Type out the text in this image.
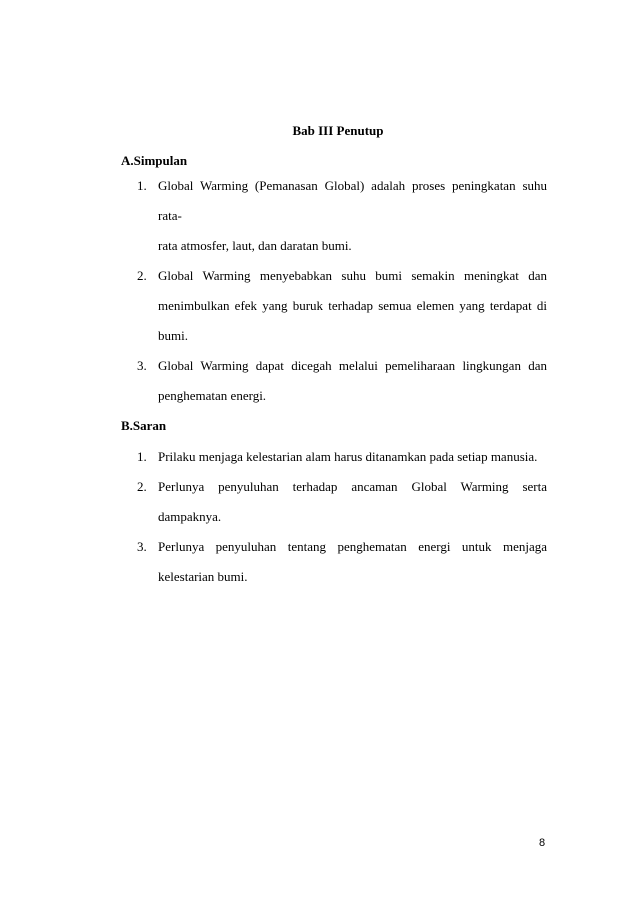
Bab III Penutup
A.Simpulan
1. Global Warming (Pemanasan Global) adalah proses peningkatan suhu rata-
rata atmosfer, laut, dan daratan bumi.
2. Global Warming menyebabkan suhu bumi semakin meningkat dan
menimbulkan efek yang buruk terhadap semua elemen yang terdapat di
bumi.
3. Global Warming dapat dicegah melalui pemeliharaan lingkungan dan
penghematan energi.
B.Saran
1. Prilaku menjaga kelestarian alam harus ditanamkan pada setiap manusia.
2. Perlunya penyuluhan terhadap ancaman Global Warming serta dampaknya.
3. Perlunya penyuluhan tentang penghematan energi untuk menjaga
kelestarian bumi.
8
